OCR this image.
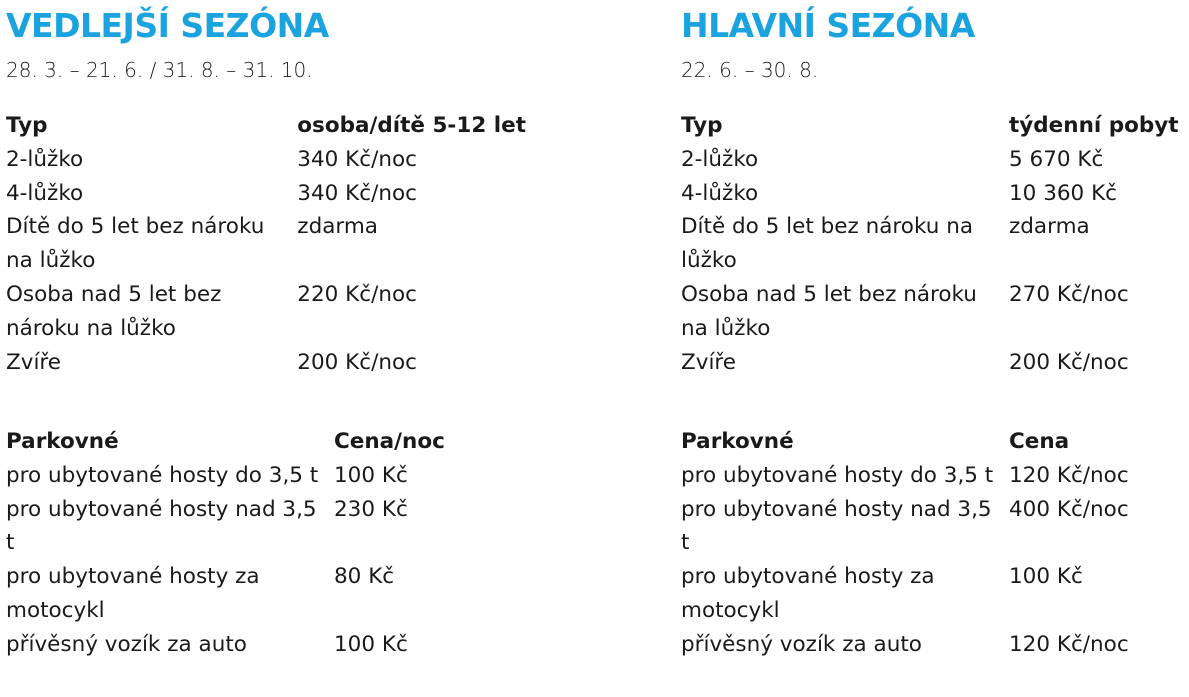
VEDLEJŠÍ SEZÓNA
28. 3. – 21. 6. / 31. 8. – 31. 10.
Typ	osoba/dítě 5-12 let
2-lůžko	340 Kč/noc
4-lůžko	340 Kč/noc
Dítě do 5 let bez nároku na lůžko	zdarma
Osoba nad 5 let bez nároku na lůžko	220 Kč/noc
Zvíře	200 Kč/noc
Parkovné	Cena/noc
pro ubytované hosty do 3,5 t	100 Kč
pro ubytované hosty nad 3,5 t	230 Kč
pro ubytované hosty za motocykl	80 Kč
přívěsný vozík za auto	100 Kč
HLAVNÍ SEZÓNA
22. 6. – 30. 8.
Typ	týdenní pobyt
2-lůžko	5 670 Kč
4-lůžko	10 360 Kč
Dítě do 5 let bez nároku na lůžko	zdarma
Osoba nad 5 let bez nároku na lůžko	270 Kč/noc
Zvíře	200 Kč/noc
Parkovné	Cena
pro ubytované hosty do 3,5 t	120 Kč/noc
pro ubytované hosty nad 3,5 t	400 Kč/noc
pro ubytované hosty za motocykl	100 Kč
přívěsný vozík za auto	120 Kč/noc
